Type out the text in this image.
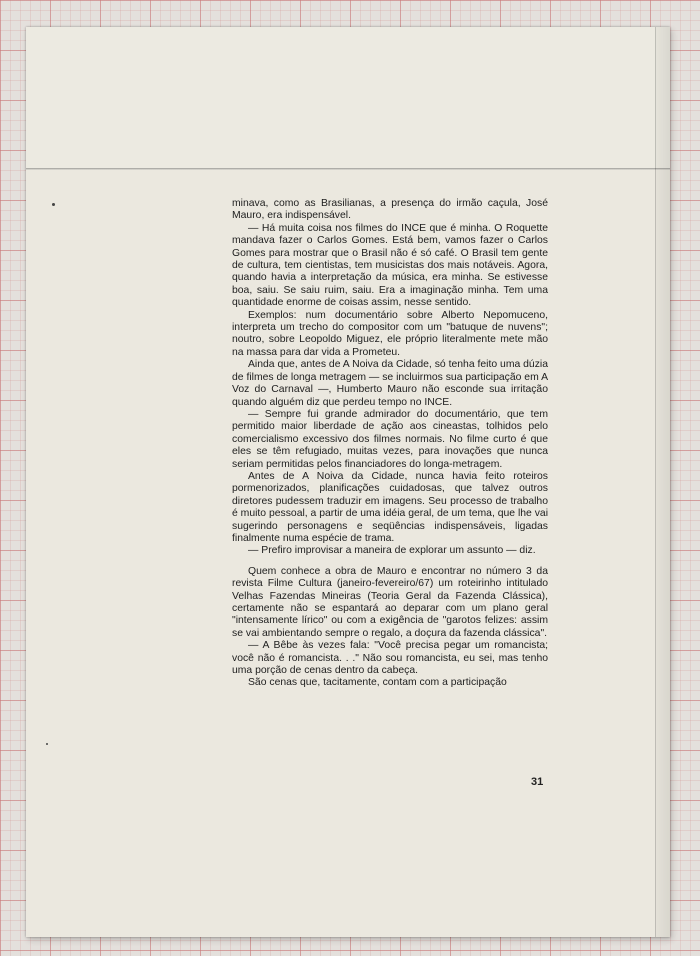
minava, como as Brasilianas, a presença do irmão caçula, José Mauro, era indispensável.

— Há muita coisa nos filmes do INCE que é minha. O Roquette mandava fazer o Carlos Gomes. Está bem, vamos fazer o Carlos Gomes para mostrar que o Brasil não é só café. O Brasil tem gente de cultura, tem cientistas, tem musicistas dos mais notáveis. Agora, quando havia a interpretação da música, era minha. Se estivesse boa, saiu. Se saiu ruim, saiu. Era a imaginação minha. Tem uma quantidade enorme de coisas assim, nesse sentido.

Exemplos: num documentário sobre Alberto Nepomuceno, interpreta um trecho do compositor com um "batuque de nuvens"; noutro, sobre Leopoldo Miguez, ele próprio literalmente mete mão na massa para dar vida a Prometeu.

Ainda que, antes de A Noiva da Cidade, só tenha feito uma dúzia de filmes de longa metragem — se incluirmos sua participação em A Voz do Carnaval —, Humberto Mauro não esconde sua irritação quando alguém diz que perdeu tempo no INCE.

— Sempre fui grande admirador do documentário, que tem permitido maior liberdade de ação aos cineastas, tolhidos pelo comercialismo excessivo dos filmes normais. No filme curto é que eles se têm refugiado, muitas vezes, para inovações que nunca seriam permitidas pelos financiadores do longa-metragem.

Antes de A Noiva da Cidade, nunca havia feito roteiros pormenorizados, planificações cuidadosas, que talvez outros diretores pudessem traduzir em imagens. Seu processo de trabalho é muito pessoal, a partir de uma idéia geral, de um tema, que lhe vai sugerindo personagens e seqüências indispensáveis, ligadas finalmente numa espécie de trama.

— Prefiro improvisar a maneira de explorar um assunto — diz.

Quem conhece a obra de Mauro e encontrar no número 3 da revista Filme Cultura (janeiro-fevereiro/67) um roteirinho intitulado Velhas Fazendas Mineiras (Teoria Geral da Fazenda Clássica), certamente não se espantará ao deparar com um plano geral "intensamente lírico" ou com a exigência de "garotos felizes: assim se vai ambientando sempre o regalo, a doçura da fazenda clássica".

— A Bêbe às vezes fala: "Você precisa pegar um romancista; você não é romancista. . ." Não sou romancista, eu sei, mas tenho uma porção de cenas dentro da cabeça.

São cenas que, tacitamente, contam com a participação

31
